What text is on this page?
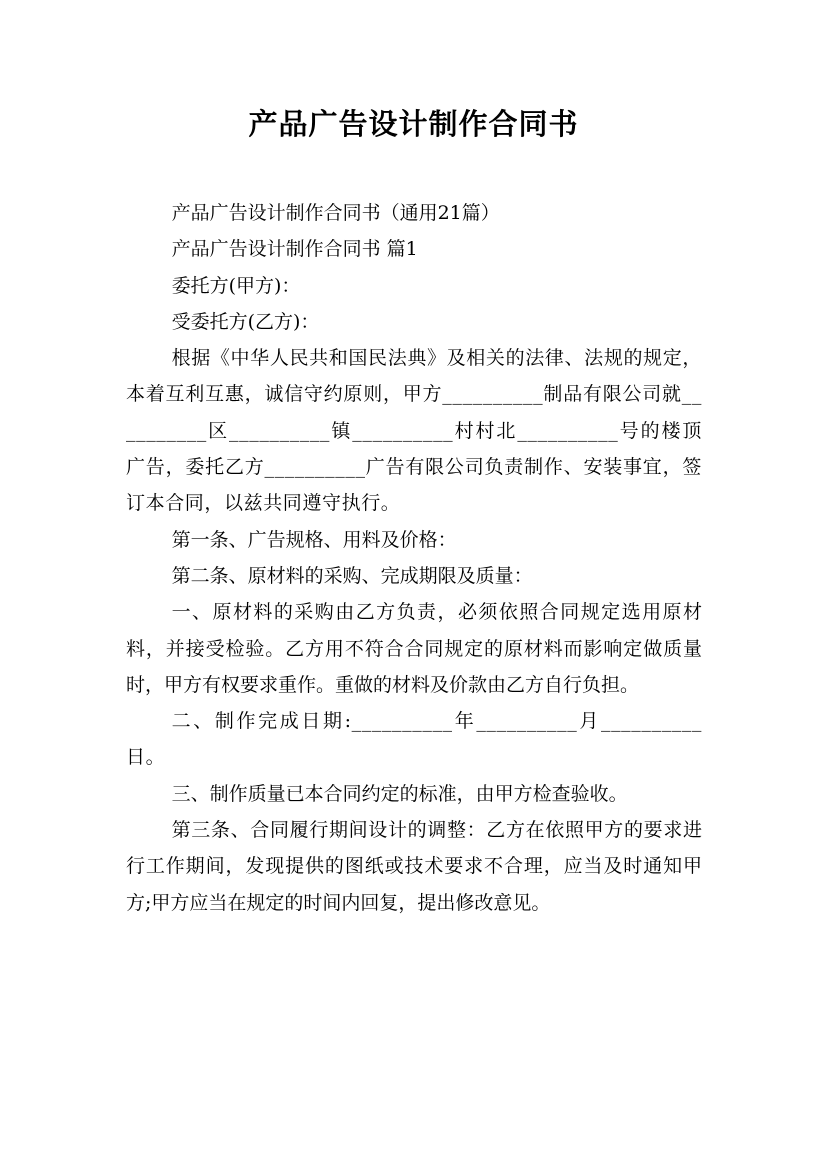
产品广告设计制作合同书

产品广告设计制作合同书（通用21篇）

产品广告设计制作合同书 篇1

委托方(甲方)：

受委托方(乙方)：

根据《中华人民共和国民法典》及相关的法律、法规的规定，本着互利互惠，诚信守约原则，甲方__________制品有限公司就__________区__________镇__________村村北__________号的楼顶广告，委托乙方__________广告有限公司负责制作、安装事宜，签订本合同，以兹共同遵守执行。

第一条、广告规格、用料及价格：

第二条、原材料的采购、完成期限及质量：

一、原材料的采购由乙方负责，必须依照合同规定选用原材料，并接受检验。乙方用不符合合同规定的原材料而影响定做质量时，甲方有权要求重作。重做的材料及价款由乙方自行负担。

二、制作完成日期:__________年__________月__________日。

三、制作质量已本合同约定的标准，由甲方检查验收。

第三条、合同履行期间设计的调整：乙方在依照甲方的要求进行工作期间，发现提供的图纸或技术要求不合理，应当及时通知甲方;甲方应当在规定的时间内回复，提出修改意见。
